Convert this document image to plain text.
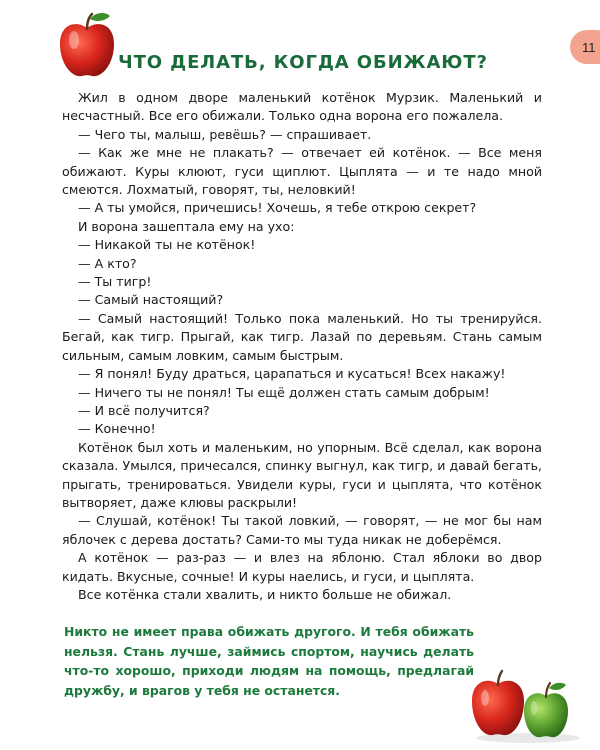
11
ЧТО ДЕЛАТЬ, КОГДА ОБИЖАЮТ?

Жил в одном дворе маленький котёнок Мурзик. Маленький и несчастный. Все его обижали. Только одна ворона его пожалела.

— Чего ты, малыш, ревёшь? — спрашивает.

— Как же мне не плакать? — отвечает ей котёнок. — Все меня обижают. Куры клюют, гуси щиплют. Цыплята — и те надо мной смеются. Лохматый, говорят, ты, неловкий!

— А ты умойся, причешись! Хочешь, я тебе открою секрет?

И ворона зашептала ему на ухо:

— Никакой ты не котёнок!

— А кто?

— Ты тигр!

— Самый настоящий?

— Самый настоящий! Только пока маленький. Но ты тренируйся. Бегай, как тигр. Прыгай, как тигр. Лазай по деревьям. Стань самым сильным, самым ловким, самым быстрым.

— Я понял! Буду драться, царапаться и кусаться! Всех накажу!

— Ничего ты не понял! Ты ещё должен стать самым добрым!

— И всё получится?

— Конечно!

Котёнок был хоть и маленьким, но упорным. Всё сделал, как ворона сказала. Умылся, причесался, спинку выгнул, как тигр, и давай бегать, прыгать, тренироваться. Увидели куры, гуси и цыплята, что котёнок вытворяет, даже клювы раскрыли!

— Слушай, котёнок! Ты такой ловкий, — говорят, — не мог бы нам яблочек с дерева достать? Сами-то мы туда никак не доберёмся.

А котёнок — раз-раз — и влез на яблоню. Стал яблоки во двор кидать. Вкусные, сочные! И куры наелись, и гуси, и цыплята.

Все котёнка стали хвалить, и никто больше не обижал.

Никто не имеет права обижать другого. И тебя обижать нельзя. Стань лучше, займись спортом, научись делать что-то хорошо, приходи людям на помощь, предлагай дружбу, и врагов у тебя не останется.
